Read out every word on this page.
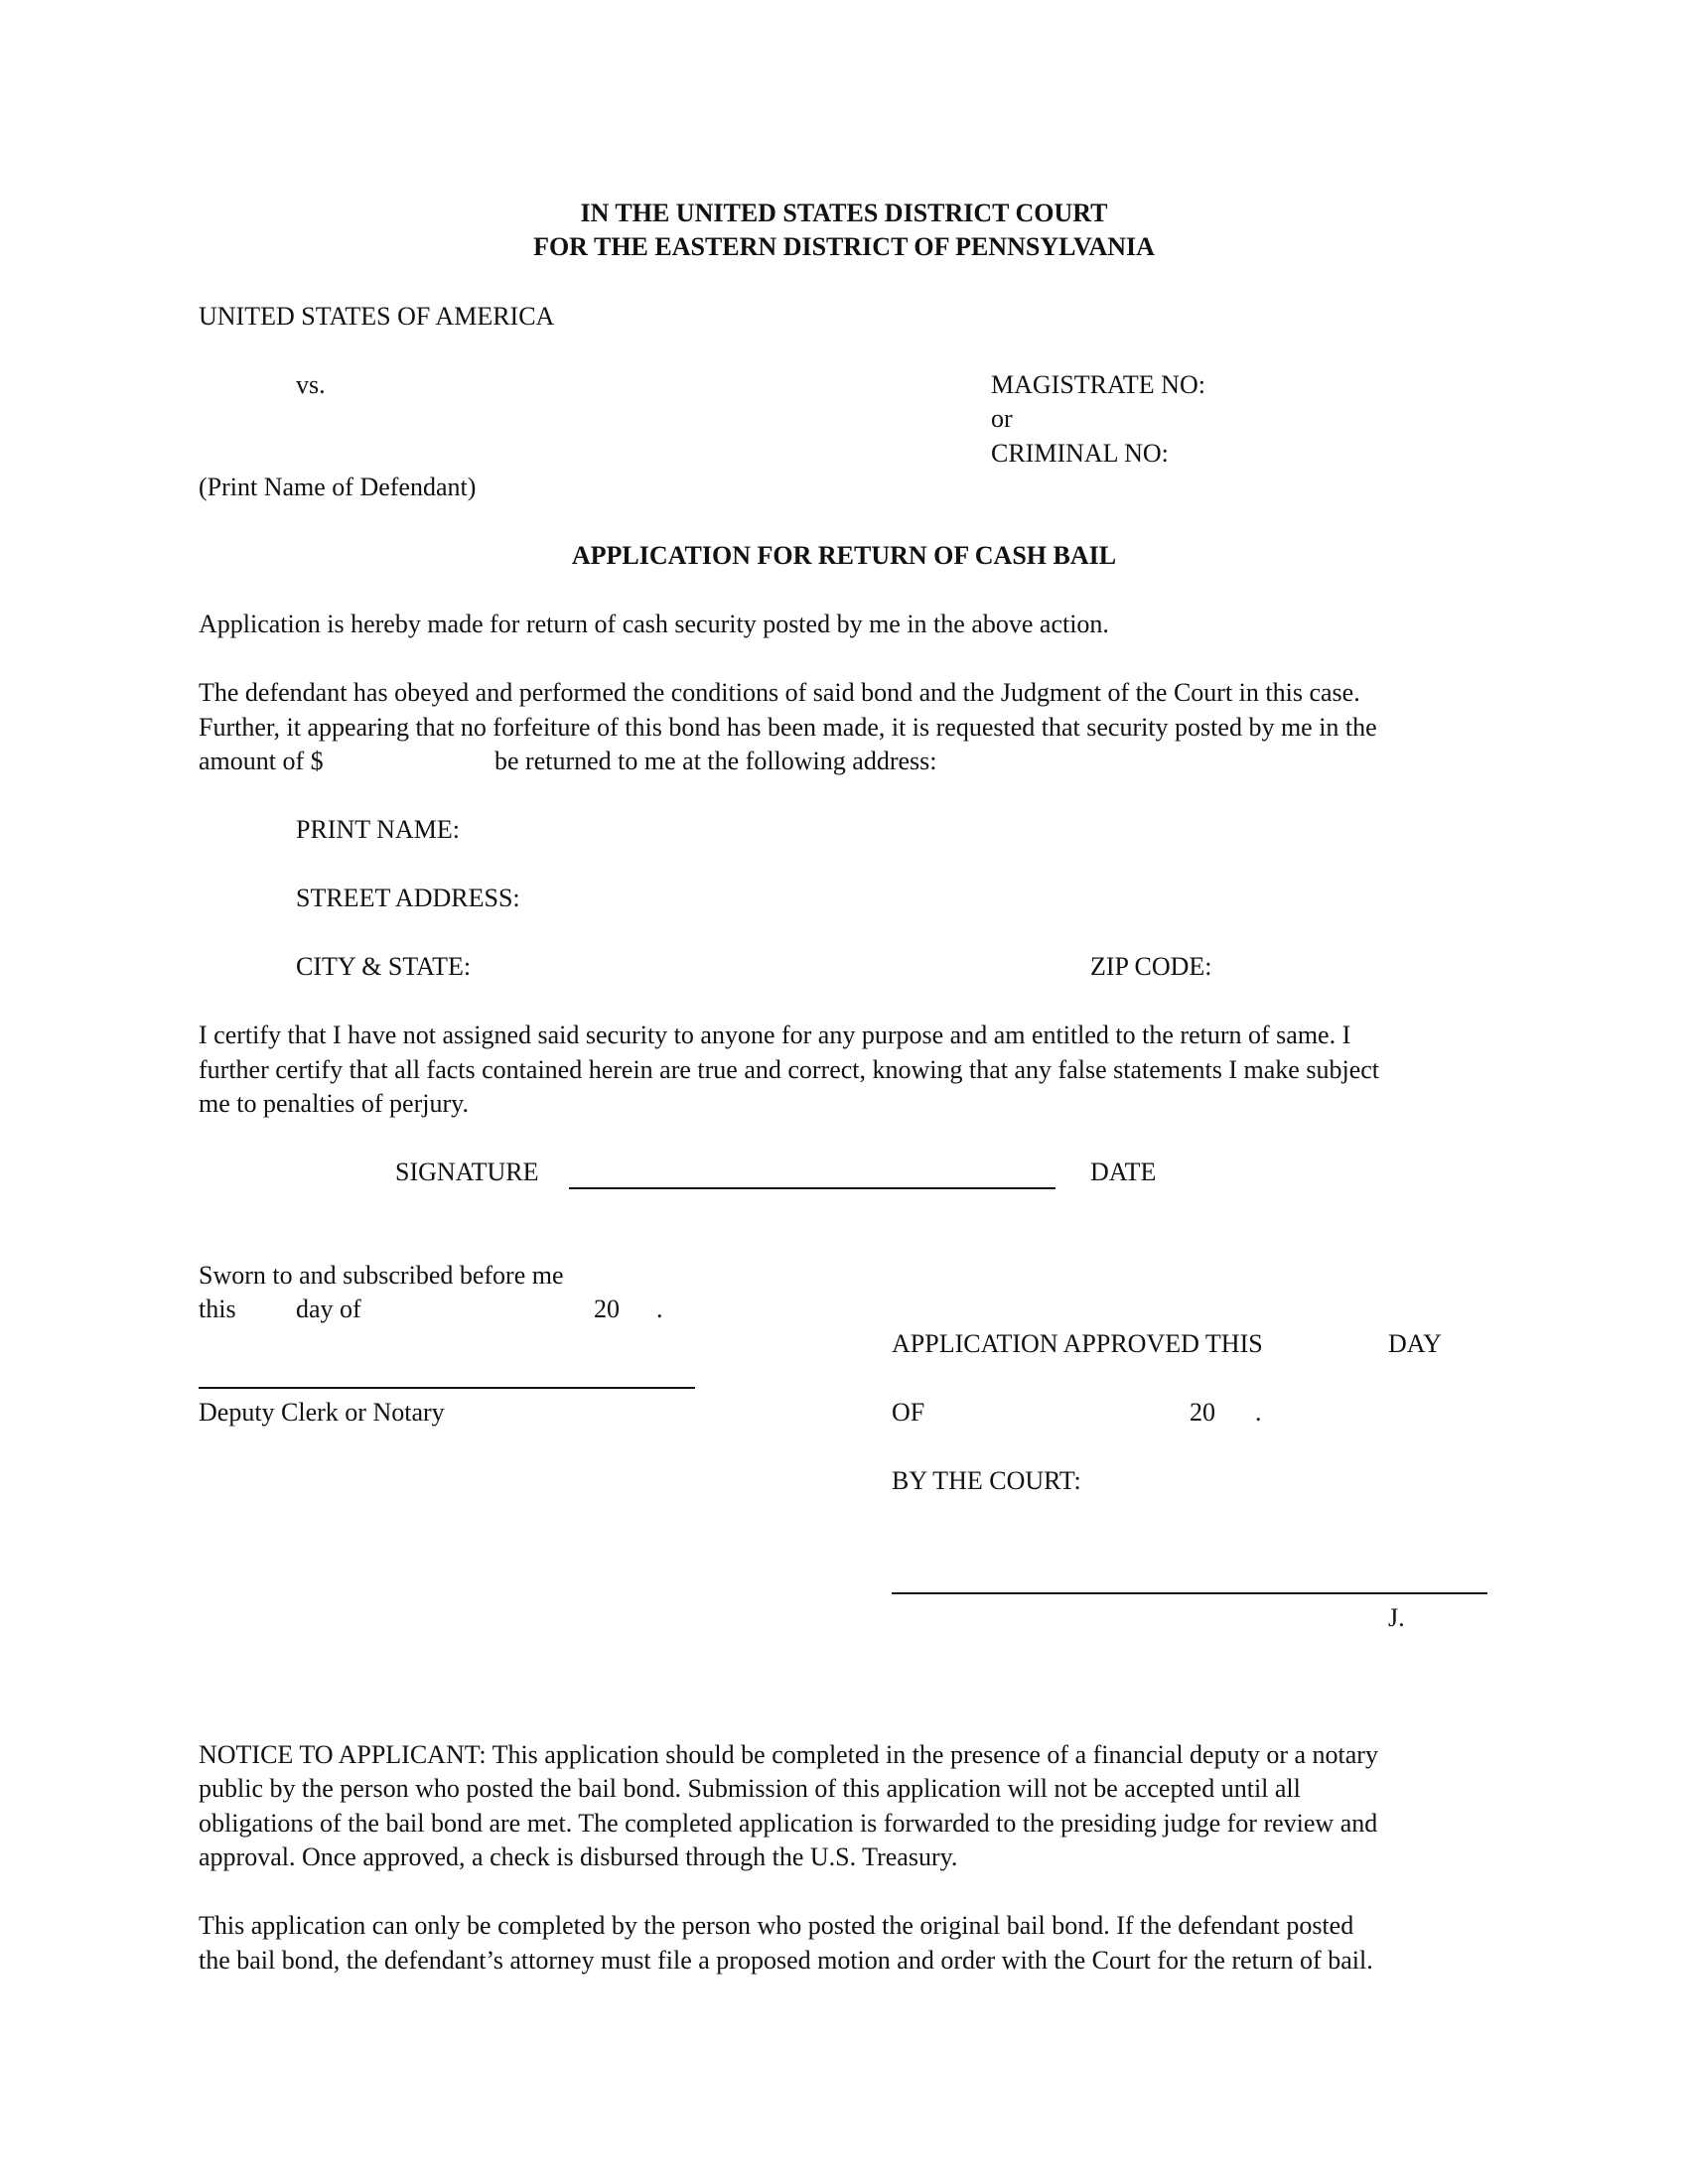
IN THE UNITED STATES DISTRICT COURT
FOR THE EASTERN DISTRICT OF PENNSYLVANIA
UNITED STATES OF AMERICA
vs.	MAGISTRATE NO:
or
CRIMINAL NO:
(Print Name of Defendant)
APPLICATION FOR RETURN OF CASH BAIL
Application is hereby made for return of cash security posted by me in the above action.
The defendant has obeyed and performed the conditions of said bond and the Judgment of the Court in this case.
Further, it appearing that no forfeiture of this bond has been made, it is requested that security posted by me in the
amount of $	be returned to me at the following address:
PRINT NAME:
STREET ADDRESS:
CITY & STATE:	ZIP CODE:
I certify that I have not assigned said security to anyone for any purpose and am entitled to the return of same. I
further certify that all facts contained herein are true and correct, knowing that any false statements I make subject
me to penalties of perjury.
SIGNATURE	DATE
Sworn to and subscribed before me
this day of	20 .
Deputy Clerk or Notary
APPLICATION APPROVED THIS	DAY
OF	20 .
BY THE COURT:
J.
NOTICE TO APPLICANT: This application should be completed in the presence of a financial deputy or a notary
public by the person who posted the bail bond. Submission of this application will not be accepted until all
obligations of the bail bond are met. The completed application is forwarded to the presiding judge for review and
approval. Once approved, a check is disbursed through the U.S. Treasury.
This application can only be completed by the person who posted the original bail bond. If the defendant posted
the bail bond, the defendant’s attorney must file a proposed motion and order with the Court for the return of bail.
